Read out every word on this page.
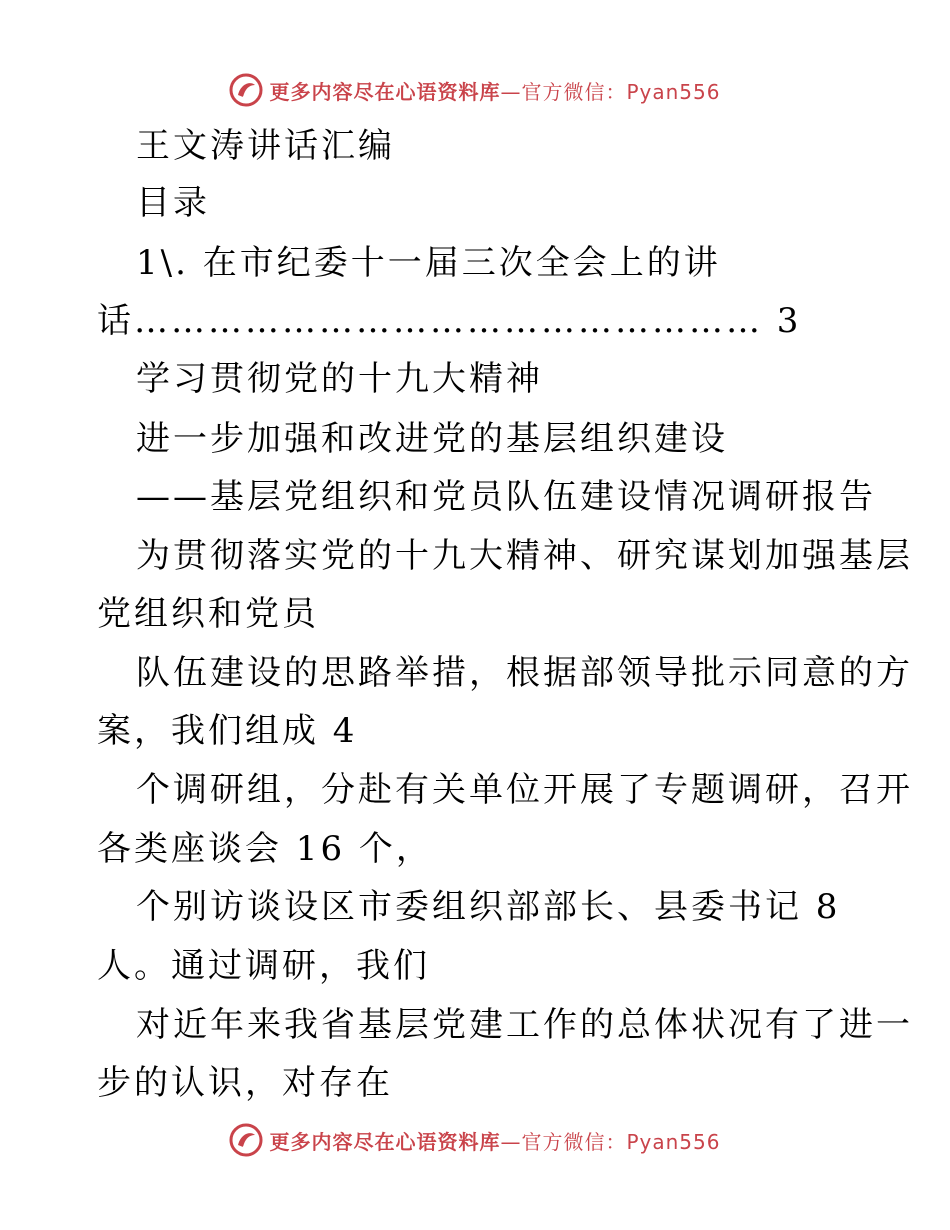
更多内容尽在心语资料库—官方微信：Pyan556
王文涛讲话汇编
目录
1\. 在市纪委十一届三次全会上的讲
话…………………………………………… 3
学习贯彻党的十九大精神
进一步加强和改进党的基层组织建设
——基层党组织和党员队伍建设情况调研报告
为贯彻落实党的十九大精神、研究谋划加强基层
党组织和党员
队伍建设的思路举措，根据部领导批示同意的方
案，我们组成 4
个调研组，分赴有关单位开展了专题调研，召开
各类座谈会 16 个，
个别访谈设区市委组织部部长、县委书记 8
人。通过调研，我们
对近年来我省基层党建工作的总体状况有了进一
步的认识，对存在
更多内容尽在心语资料库—官方微信：Pyan556
